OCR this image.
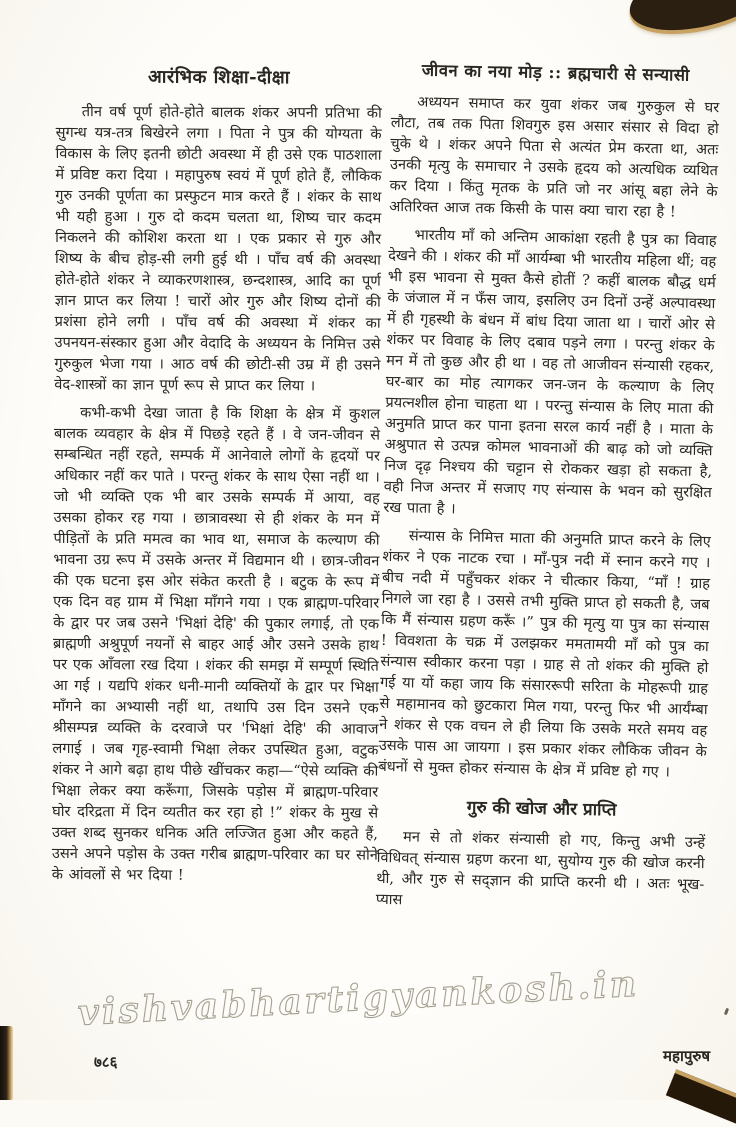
आरंभिक शिक्षा-दीक्षा

तीन वर्ष पूर्ण होते-होते बालक शंकर अपनी प्रतिभा की सुगन्ध यत्र-तत्र बिखेरने लगा । पिता ने पुत्र की योग्यता के विकास के लिए इतनी छोटी अवस्था में ही उसे एक पाठशाला में प्रविष्ट करा दिया । महापुरुष स्वयं में पूर्ण होते हैं, लौकिक गुरु उनकी पूर्णता का प्रस्फुटन मात्र करते हैं । शंकर के साथ भी यही हुआ । गुरु दो कदम चलता था, शिष्य चार कदम निकलने की कोशिश करता था । एक प्रकार से गुरु और शिष्य के बीच होड़-सी लगी हुई थी । पाँच वर्ष की अवस्था होते-होते शंकर ने व्याकरणशास्त्र, छन्दशास्त्र, आदि का पूर्ण ज्ञान प्राप्त कर लिया ! चारों ओर गुरु और शिष्य दोनों की प्रशंसा होने लगी । पाँच वर्ष की अवस्था में शंकर का उपनयन-संस्कार हुआ और वेदादि के अध्ययन के निमित्त उसे गुरुकुल भेजा गया । आठ वर्ष की छोटी-सी उम्र में ही उसने वेद-शास्त्रों का ज्ञान पूर्ण रूप से प्राप्त कर लिया ।

कभी-कभी देखा जाता है कि शिक्षा के क्षेत्र में कुशल बालक व्यवहार के क्षेत्र में पिछड़े रहते हैं । वे जन-जीवन से सम्बन्धित नहीं रहते, सम्पर्क में आनेवाले लोगों के हृदयों पर अधिकार नहीं कर पाते । परन्तु शंकर के साथ ऐसा नहीं था । जो भी व्यक्ति एक भी बार उसके सम्पर्क में आया, वह उसका होकर रह गया । छात्रावस्था से ही शंकर के मन में पीड़ितों के प्रति ममत्व का भाव था, समाज के कल्याण की भावना उग्र रूप में उसके अन्तर में विद्यमान थी । छात्र-जीवन की एक घटना इस ओर संकेत करती है । बटुक के रूप में एक दिन वह ग्राम में भिक्षा माँगने गया । एक ब्राह्मण-परिवार के द्वार पर जब उसने 'भिक्षां देहि' की पुकार लगाई, तो एक ब्राह्मणी अश्रुपूर्ण नयनों से बाहर आई और उसने उसके हाथ पर एक आँवला रख दिया । शंकर की समझ में सम्पूर्ण स्थिति आ गई । यद्यपि शंकर धनी-मानी व्यक्तियों के द्वार पर भिक्षा माँगने का अभ्यासी नहीं था, तथापि उस दिन उसने एक श्रीसम्पन्न व्यक्ति के दरवाजे पर 'भिक्षां देहि' की आवाज लगाई । जब गृह-स्वामी भिक्षा लेकर उपस्थित हुआ, वटुक शंकर ने आगे बढ़ा हाथ पीछे खींचकर कहा—“ऐसे व्यक्ति की भिक्षा लेकर क्या करूँगा, जिसके पड़ोस में ब्राह्मण-परिवार घोर दरिद्रता में दिन व्यतीत कर रहा हो !” शंकर के मुख से उक्त शब्द सुनकर धनिक अति लज्जित हुआ और कहते हैं, उसने अपने पड़ोस के उक्त गरीब ब्राह्मण-परिवार का घर सोने के आंवलों से भर दिया !

जीवन का नया मोड़ :: ब्रह्मचारी से सन्यासी

अध्ययन समाप्त कर युवा शंकर जब गुरुकुल से घर लौटा, तब तक पिता शिवगुरु इस असार संसार से विदा हो चुके थे । शंकर अपने पिता से अत्यंत प्रेम करता था, अतः उनकी मृत्यु के समाचार ने उसके हृदय को अत्यधिक व्यथित कर दिया । किंतु मृतक के प्रति जो नर आंसू बहा लेने के अतिरिक्त आज तक किसी के पास क्या चारा रहा है !

भारतीय माँ को अन्तिम आकांक्षा रहती है पुत्र का विवाह देखने की । शंकर की माँ आर्यम्बा भी भारतीय महिला थीं; वह भी इस भावना से मुक्त कैसे होतीं ? कहीं बालक बौद्ध धर्म के जंजाल में न फँस जाय, इसलिए उन दिनों उन्हें अल्पावस्था में ही गृहस्थी के बंधन में बांध दिया जाता था । चारों ओर से शंकर पर विवाह के लिए दबाव पड़ने लगा । परन्तु शंकर के मन में तो कुछ और ही था । वह तो आजीवन संन्यासी रहकर, घर-बार का मोह त्यागकर जन-जन के कल्याण के लिए प्रयत्नशील होना चाहता था । परन्तु संन्यास के लिए माता की अनुमति प्राप्त कर पाना इतना सरल कार्य नहीं है । माता के अश्रुपात से उत्पन्न कोमल भावनाओं की बाढ़ को जो व्यक्ति निज दृढ़ निश्चय की चट्टान से रोककर खड़ा हो सकता है, वही निज अन्तर में सजाए गए संन्यास के भवन को सुरक्षित रख पाता है ।

संन्यास के निमित्त माता की अनुमति प्राप्त करने के लिए शंकर ने एक नाटक रचा । माँ-पुत्र नदी में स्नान करने गए । बीच नदी में पहुँचकर शंकर ने चीत्कार किया, “माँ ! ग्राह निगले जा रहा है । उससे तभी मुक्ति प्राप्त हो सकती है, जब कि मैं संन्यास ग्रहण करूँ ।” पुत्र की मृत्यु या पुत्र का संन्यास ! विवशता के चक्र में उलझकर ममतामयी माँ को पुत्र का संन्यास स्वीकार करना पड़ा । ग्राह से तो शंकर की मुक्ति हो गई या यों कहा जाय कि संसाररूपी सरिता के मोहरूपी ग्राह से महामानव को छुटकारा मिल गया, परन्तु फिर भी आर्यंम्बा ने शंकर से एक वचन ले ही लिया कि उसके मरते समय वह उसके पास आ जायगा । इस प्रकार शंकर लौकिक जीवन के बंधनों से मुक्त होकर संन्यास के क्षेत्र में प्रविष्ट हो गए ।

गुरु की खोज और प्राप्ति

मन से तो शंकर संन्यासी हो गए, किन्तु अभी उन्हें विधिवत् संन्यास ग्रहण करना था, सुयोग्य गुरु की खोज करनी थी, और गुरु से सद्ज्ञान की प्राप्ति करनी थी । अतः भूख-प्यास

vishvabhartigyankosh.in
७८६	महापुरुष
